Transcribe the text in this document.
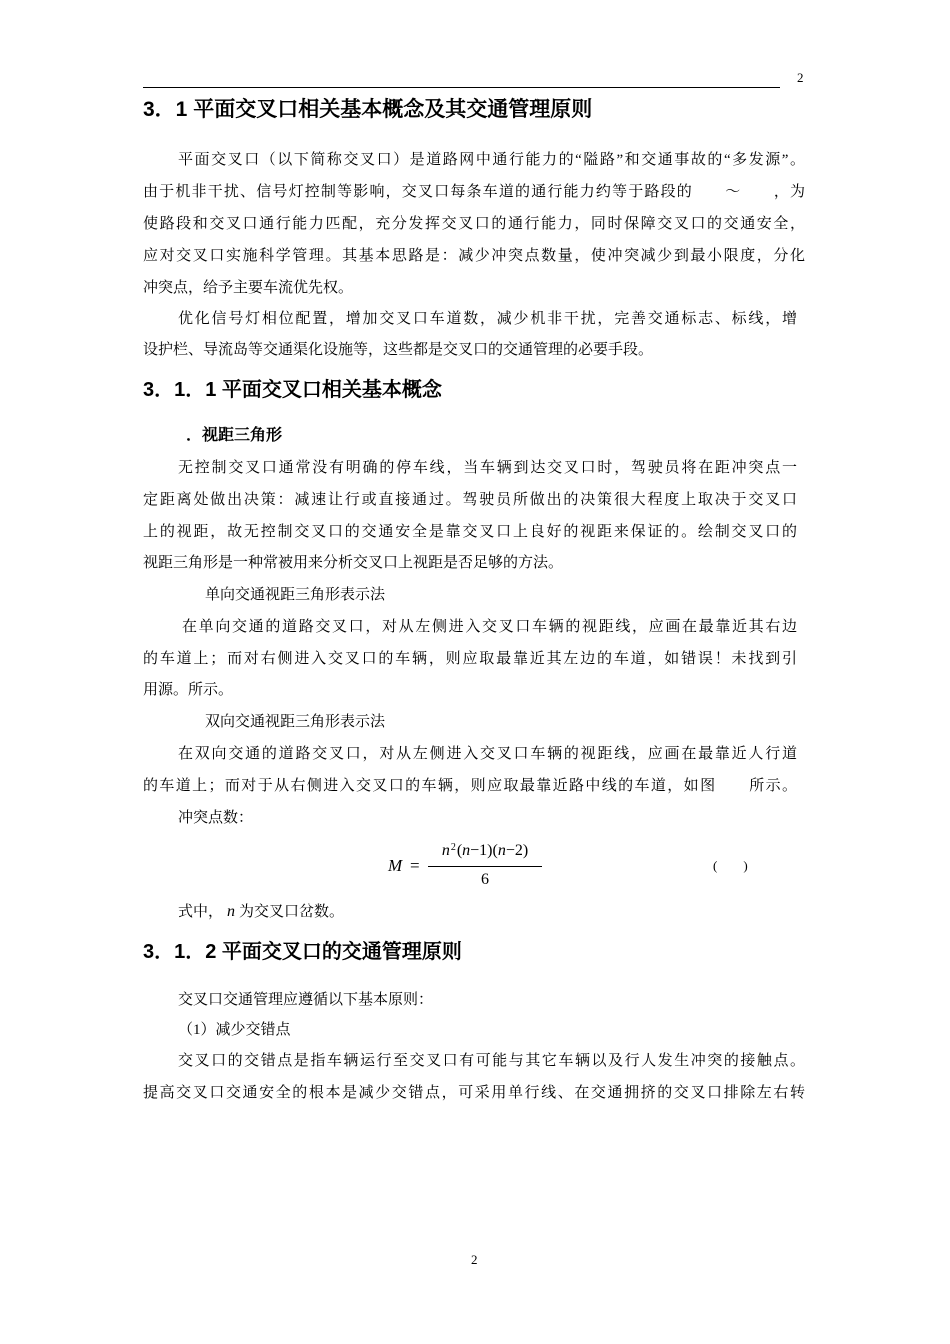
2
3．1 平面交叉口相关基本概念及其交通管理原则
平面交叉口（以下简称交叉口）是道路网中通行能力的“隘路”和交通事故的“多发源”。
由于机非干扰、信号灯控制等影响，交叉口每条车道的通行能力约等于路段的　　～　　，为
使路段和交叉口通行能力匹配，充分发挥交叉口的通行能力，同时保障交叉口的交通安全，
应对交叉口实施科学管理。其基本思路是：减少冲突点数量，使冲突减少到最小限度，分化
冲突点，给予主要车流优先权。
优化信号灯相位配置，增加交叉口车道数，减少机非干扰，完善交通标志、标线，增
设护栏、导流岛等交通渠化设施等，这些都是交叉口的交通管理的必要手段。
3．1．1 平面交叉口相关基本概念
．视距三角形
无控制交叉口通常没有明确的停车线，当车辆到达交叉口时，驾驶员将在距冲突点一
定距离处做出决策：减速让行或直接通过。驾驶员所做出的决策很大程度上取决于交叉口
上的视距，故无控制交叉口的交通安全是靠交叉口上良好的视距来保证的。绘制交叉口的
视距三角形是一种常被用来分析交叉口上视距是否足够的方法。
单向交通视距三角形表示法
在单向交通的道路交叉口，对从左侧进入交叉口车辆的视距线，应画在最靠近其右边
的车道上；而对右侧进入交叉口的车辆，则应取最靠近其左边的车道，如错误！未找到引
用源。所示。
双向交通视距三角形表示法
在双向交通的道路交叉口，对从左侧进入交叉口车辆的视距线，应画在最靠近人行道
的车道上；而对于从右侧进入交叉口的车辆，则应取最靠近路中线的车道，如图　　所示。
冲突点数：
M =
$n^2(n-1)(n-2)$
6
(　　)
式中， n 为交叉口岔数。
3．1．2 平面交叉口的交通管理原则
交叉口交通管理应遵循以下基本原则：
（1）减少交错点
交叉口的交错点是指车辆运行至交叉口有可能与其它车辆以及行人发生冲突的接触点。
提高交叉口交通安全的根本是减少交错点，可采用单行线、在交通拥挤的交叉口排除左右转
2
